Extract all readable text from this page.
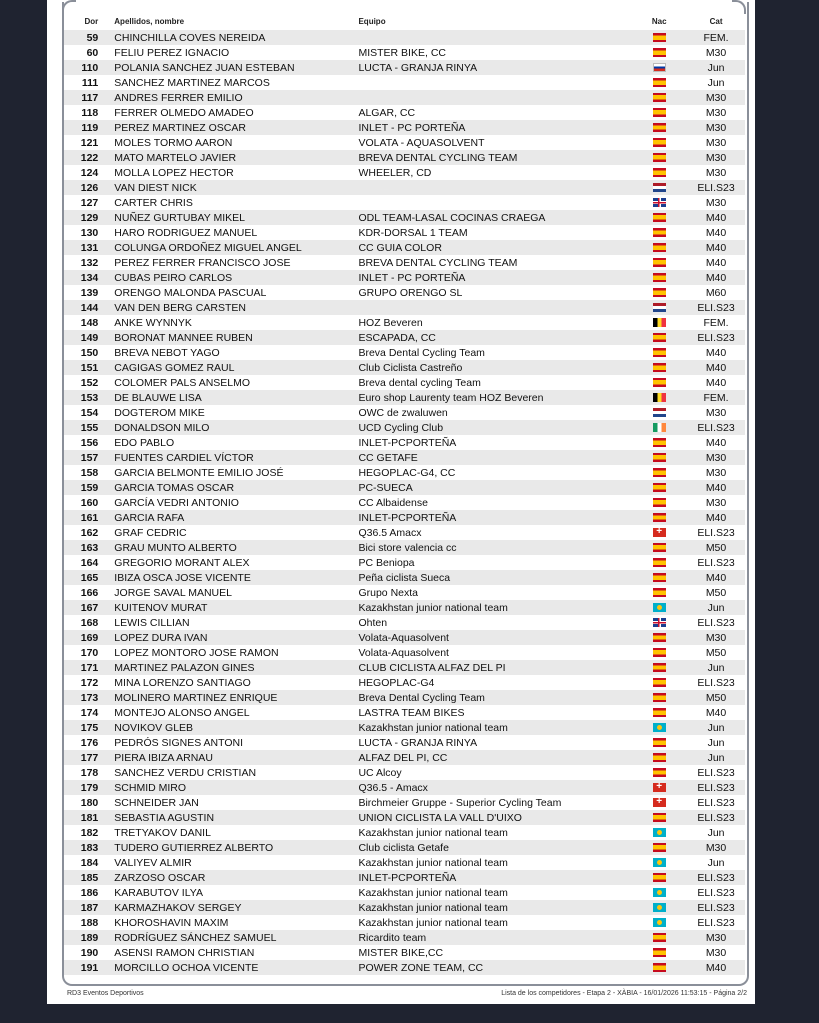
Dor	Apellidos, nombre	Equipo	Nac	Cat
59	CHINCHILLA COVES NEREIDA			FEM.
60	FELIU PEREZ IGNACIO	MISTER BIKE, CC		M30
110	POLANIA SANCHEZ JUAN ESTEBAN	LUCTA - GRANJA RINYA		Jun
111	SANCHEZ MARTINEZ MARCOS			Jun
117	ANDRES FERRER EMILIO			M30
118	FERRER OLMEDO AMADEO	ALGAR, CC		M30
119	PEREZ MARTINEZ OSCAR	INLET - PC PORTEÑA		M30
121	MOLES TORMO AARON	VOLATA - AQUASOLVENT		M30
122	MATO MARTELO JAVIER	BREVA DENTAL CYCLING TEAM		M30
124	MOLLA LOPEZ HECTOR	WHEELER, CD		M30
126	VAN DIEST NICK			ELI.S23
127	CARTER CHRIS			M30
129	NUÑEZ GURTUBAY MIKEL	ODL TEAM-LASAL COCINAS CRAEGA		M40
130	HARO RODRIGUEZ MANUEL	KDR-DORSAL 1 TEAM		M40
131	COLUNGA ORDOÑEZ MIGUEL ANGEL	CC GUIA COLOR		M40
132	PEREZ FERRER FRANCISCO JOSE	BREVA DENTAL CYCLING TEAM		M40
134	CUBAS PEIRO CARLOS	INLET - PC PORTEÑA		M40
139	ORENGO MALONDA PASCUAL	GRUPO ORENGO SL		M60
144	VAN DEN BERG CARSTEN			ELI.S23
148	ANKE WYNNYK	HOZ Beveren		FEM.
149	BORONAT MANNEE RUBEN	ESCAPADA, CC		ELI.S23
150	BREVA NEBOT YAGO	Breva Dental Cycling Team		M40
151	CAGIGAS GOMEZ RAUL	Club Ciclista Castreño		M40
152	COLOMER PALS ANSELMO	Breva dental cycling Team		M40
153	DE BLAUWE LISA	Euro shop Laurenty team HOZ Beveren		FEM.
154	DOGTEROM MIKE	OWC de zwaluwen		M30
155	DONALDSON MILO	UCD Cycling Club		ELI.S23
156	EDO PABLO	INLET-PCPORTEÑA		M40
157	FUENTES CARDIEL VÍCTOR	CC GETAFE		M30
158	GARCIA BELMONTE EMILIO JOSÉ	HEGOPLAC-G4, CC		M30
159	GARCIA TOMAS OSCAR	PC-SUECA		M40
160	GARCÍA VEDRI ANTONIO	CC Albaidense		M30
161	GARCIA RAFA	INLET-PCPORTEÑA		M40
162	GRAF CEDRIC	Q36.5 Amacx	+	ELI.S23
163	GRAU MUNTO ALBERTO	Bici store valencia cc		M50
164	GREGORIO MORANT ALEX	PC Beniopa		ELI.S23
165	IBIZA OSCA JOSE VICENTE	Peña ciclista Sueca		M40
166	JORGE SAVAL MANUEL	Grupo Nexta		M50
167	KUITENOV MURAT	Kazakhstan junior national team		Jun
168	LEWIS CILLIAN	Ohten		ELI.S23
169	LOPEZ DURA IVAN	Volata-Aquasolvent		M30
170	LOPEZ MONTORO JOSE RAMON	Volata-Aquasolvent		M50
171	MARTINEZ PALAZON GINES	CLUB CICLISTA ALFAZ DEL PI		Jun
172	MINA LORENZO SANTIAGO	HEGOPLAC-G4		ELI.S23
173	MOLINERO MARTINEZ ENRIQUE	Breva Dental Cycling Team		M50
174	MONTEJO ALONSO ANGEL	LASTRA TEAM BIKES		M40
175	NOVIKOV GLEB	Kazakhstan junior national team		Jun
176	PEDRÓS SIGNES ANTONI	LUCTA - GRANJA RINYA		Jun
177	PIERA IBIZA ARNAU	ALFAZ DEL PI, CC		Jun
178	SANCHEZ VERDU CRISTIAN	UC Alcoy		ELI.S23
179	SCHMID MIRO	Q36.5 - Amacx	+	ELI.S23
180	SCHNEIDER JAN	Birchmeier Gruppe - Superior Cycling Team	+	ELI.S23
181	SEBASTIA AGUSTIN	UNION CICLISTA LA VALL D'UIXO		ELI.S23
182	TRETYAKOV DANIL	Kazakhstan junior national team		Jun
183	TUDERO GUTIERREZ ALBERTO	Club ciclista Getafe		M30
184	VALIYEV ALMIR	Kazakhstan junior national team		Jun
185	ZARZOSO OSCAR	INLET-PCPORTEÑA		ELI.S23
186	KARABUTOV ILYA	Kazakhstan junior national team		ELI.S23
187	KARMAZHAKOV SERGEY	Kazakhstan junior national team		ELI.S23
188	KHOROSHAVIN MAXIM	Kazakhstan junior national team		ELI.S23
189	RODRÍGUEZ SÁNCHEZ SAMUEL	Ricardito team		M30
190	ASENSI RAMON CHRISTIAN	MISTER BIKE,CC		M30
191	MORCILLO OCHOA VICENTE	POWER ZONE TEAM, CC		M40
RD3 Eventos Deportivos	Lista de los competidores - Etapa 2 - XÀBIA - 16/01/2026 11:53:15 - Página 2/2
